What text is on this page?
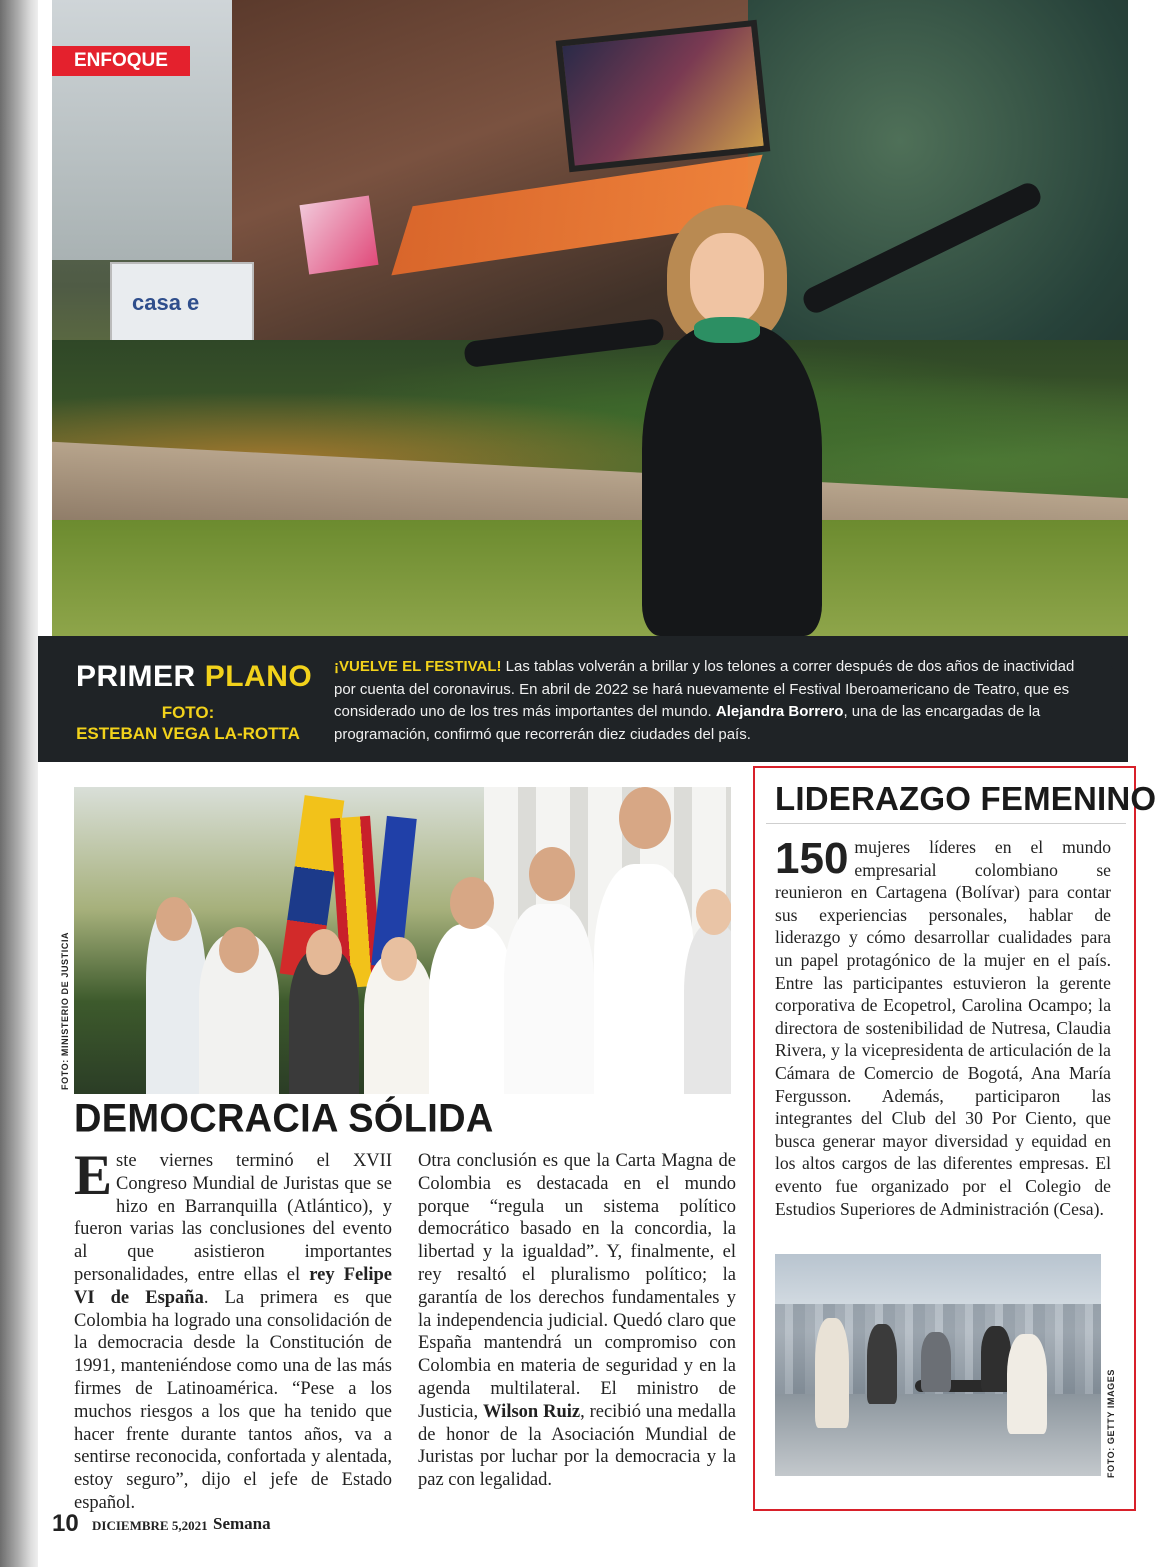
casa e
ENFOQUE
PRIMER PLANO
FOTO:
ESTEBAN VEGA LA-ROTTA
¡VUELVE EL FESTIVAL! Las tablas volverán a brillar y los telones a correr después de dos años de inactividad por cuenta del coronavirus. En abril de 2022 se hará nuevamente el Festival Iberoamericano de Teatro, que es considerado uno de los tres más importantes del mundo. Alejandra Borrero, una de las encargadas de la programación, confirmó que recorrerán diez ciudades del país.
FOTO: MINISTERIO DE JUSTICIA
DEMOCRACIA SÓLIDA
Este viernes terminó el XVII Congreso Mundial de Juristas que se hizo en Barranquilla (Atlántico), y fueron varias las conclusiones del evento al que asistieron importantes personalidades, entre ellas el rey Felipe VI de España. La primera es que Colombia ha logrado una consolidación de la democracia desde la Constitución de 1991, manteniéndose como una de las más firmes de Latinoamérica. “Pese a los muchos riesgos a los que ha tenido que hacer frente durante tantos años, va a sentirse reconocida, confortada y alentada, estoy seguro”, dijo el jefe de Estado español.
Otra conclusión es que la Carta Magna de Colombia es destacada en el mundo porque “regula un sistema político democrático basado en la concordia, la libertad y la igualdad”. Y, finalmente, el rey resaltó el pluralismo político; la garantía de los derechos fundamentales y la independencia judicial. Quedó claro que España mantendrá un compromiso con Colombia en materia de seguridad y en la agenda multilateral. El ministro de Justicia, Wilson Ruiz, recibió una medalla de honor de la Asociación Mundial de Juristas por luchar por la democracia y la paz con legalidad.
LIDERAZGO FEMENINO
150 mujeres líderes en el mundo empresarial colombiano se reunieron en Cartagena (Bolívar) para contar sus experiencias personales, hablar de liderazgo y cómo desarrollar cualidades para un papel protagónico de la mujer en el país. Entre las participantes estuvieron la gerente corporativa de Ecopetrol, Carolina Ocampo; la directora de sostenibilidad de Nutresa, Claudia Rivera, y la vicepresidenta de articulación de la Cámara de Comercio de Bogotá, Ana María Fergusson. Además, participaron las integrantes del Club del 30 Por Ciento, que busca generar mayor diversidad y equidad en los altos cargos de las diferentes empresas. El evento fue organizado por el Colegio de Estudios Superiores de Administración (Cesa).
FOTO: GETTY IMAGES
10 DICIEMBRE 5,2021 Semana
